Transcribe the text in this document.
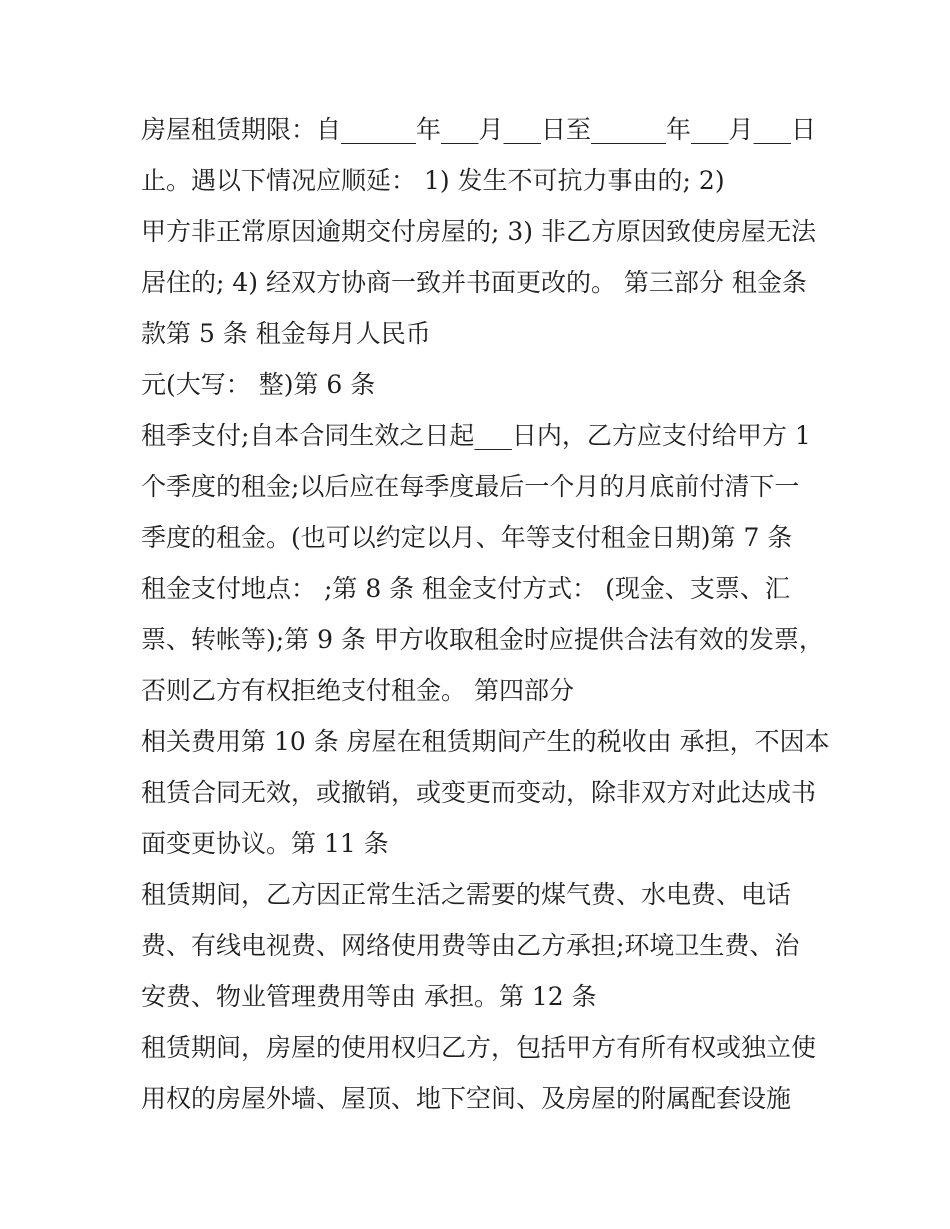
房屋租赁期限：自______年___月___日至______年___月___日
止。遇以下情况应顺延： 1) 发生不可抗力事由的; 2)
甲方非正常原因逾期交付房屋的; 3) 非乙方原因致使房屋无法
居住的; 4) 经双方协商一致并书面更改的。 第三部分 租金条
款第 5 条 租金每月人民币
元(大写： 整)第 6 条
租季支付;自本合同生效之日起___日内，乙方应支付给甲方 1
个季度的租金;以后应在每季度最后一个月的月底前付清下一
季度的租金。(也可以约定以月、年等支付租金日期)第 7 条
租金支付地点： ;第 8 条 租金支付方式： (现金、支票、汇
票、转帐等);第 9 条 甲方收取租金时应提供合法有效的发票，
否则乙方有权拒绝支付租金。 第四部分
相关费用第 10 条 房屋在租赁期间产生的税收由 承担，不因本
租赁合同无效，或撤销，或变更而变动，除非双方对此达成书
面变更协议。第 11 条
租赁期间，乙方因正常生活之需要的煤气费、水电费、电话
费、有线电视费、网络使用费等由乙方承担;环境卫生费、治
安费、物业管理费用等由 承担。第 12 条
租赁期间，房屋的使用权归乙方，包括甲方有所有权或独立使
用权的房屋外墙、屋顶、地下空间、及房屋的附属配套设施
